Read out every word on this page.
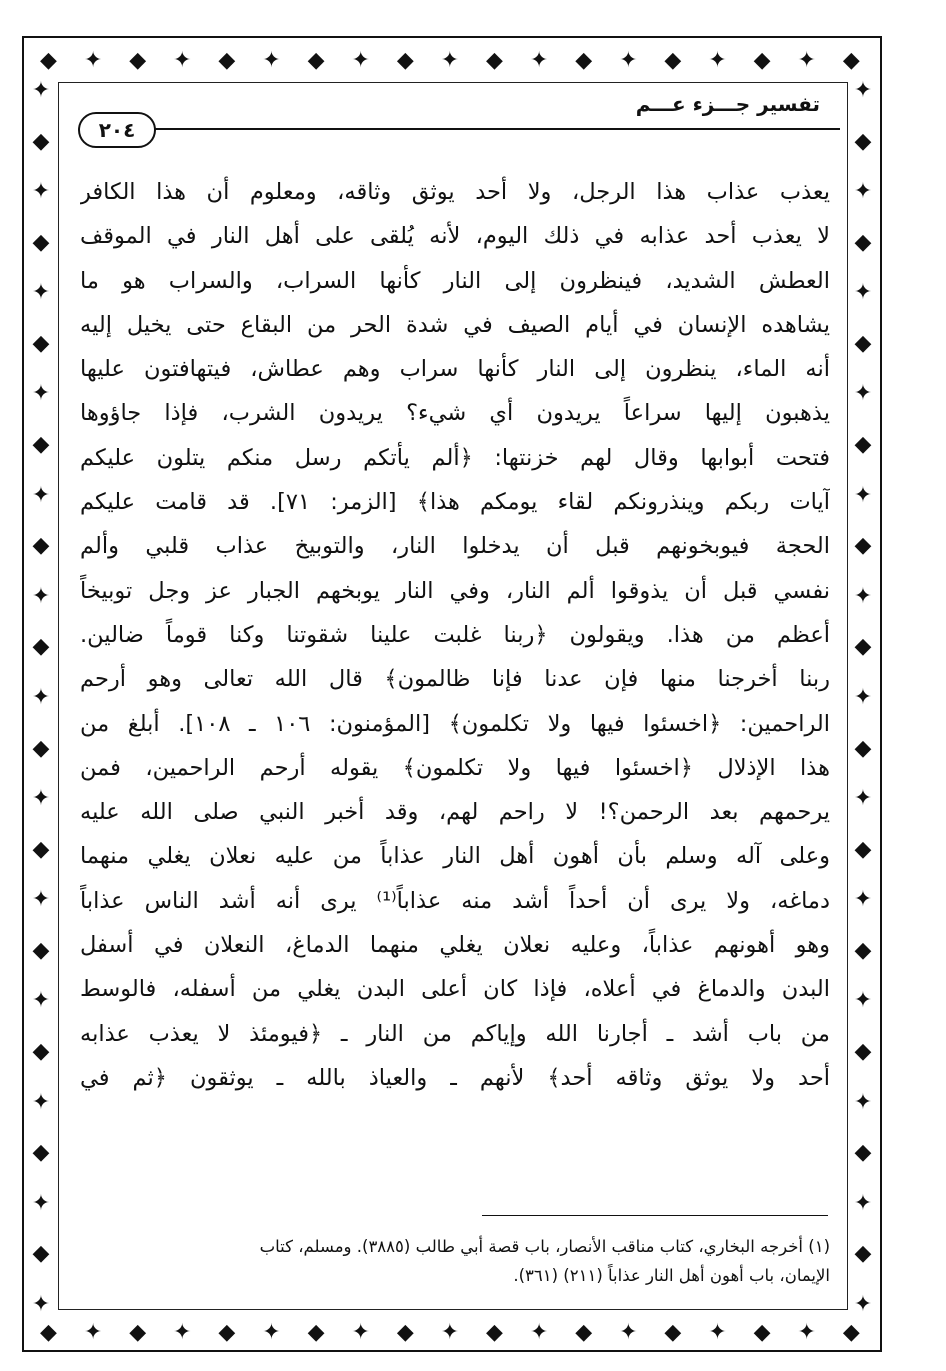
◆ ✦ ◆ ✦ ◆ ✦ ◆ ✦ ◆ ✦ ◆ ✦ ◆ ✦ ◆ ✦ ◆ ✦ ◆
◆ ✦ ◆ ✦ ◆ ✦ ◆ ✦ ◆ ✦ ◆ ✦ ◆ ✦ ◆ ✦ ◆ ✦ ◆
✦
◆
✦
◆
✦
◆
✦
◆
✦
◆
✦
◆
✦
◆
✦
◆
✦
◆
✦
◆
✦
◆
✦
◆
✦
✦
◆
✦
◆
✦
◆
✦
◆
✦
◆
✦
◆
✦
◆
✦
◆
✦
◆
✦
◆
✦
◆
✦
◆
✦
تفسير جـــزء عـــم
٢٠٤
يعذب عذاب هذا الرجل، ولا أحد يوثق وثاقه، ومعلوم أن هذا الكافر
لا يعذب أحد عذابه في ذلك اليوم، لأنه يُلقى على أهل النار في الموقف
العطش الشديد، فينظرون إلى النار كأنها السراب، والسراب هو ما
يشاهده الإنسان في أيام الصيف في شدة الحر من البقاع حتى يخيل إليه
أنه الماء، ينظرون إلى النار كأنها سراب وهم عطاش، فيتهافتون عليها
يذهبون إليها سراعاً يريدون أي شيء؟ يريدون الشرب، فإذا جاؤوها
فتحت أبوابها وقال لهم خزنتها: ﴿ألم يأتكم رسل منكم يتلون عليكم
آيات ربكم وينذرونكم لقاء يومكم هذا﴾ [الزمر: ٧١]. قد قامت عليكم
الحجة فيوبخونهم قبل أن يدخلوا النار، والتوبيخ عذاب قلبي وألم
نفسي قبل أن يذوقوا ألم النار، وفي النار يوبخهم الجبار عز وجل توبيخاً
أعظم من هذا. ويقولون ﴿ربنا غلبت علينا شقوتنا وكنا قوماً ضالين.
ربنا أخرجنا منها فإن عدنا فإنا ظالمون﴾ قال الله تعالى وهو أرحم
الراحمين: ﴿اخسئوا فيها ولا تكلمون﴾ [المؤمنون: ١٠٦ ـ ١٠٨]. أبلغ من
هذا الإذلال ﴿اخسئوا فيها ولا تكلمون﴾ يقوله أرحم الراحمين، فمن
يرحمهم بعد الرحمن؟! لا راحم لهم، وقد أخبر النبي صلى الله عليه
وعلى آله وسلم بأن أهون أهل النار عذاباً من عليه نعلان يغلي منهما
دماغه، ولا يرى أن أحداً أشد منه عذاباً⁽¹⁾ يرى أنه أشد الناس عذاباً
وهو أهونهم عذاباً، وعليه نعلان يغلي منهما الدماغ، النعلان في أسفل
البدن والدماغ في أعلاه، فإذا كان أعلى البدن يغلي من أسفله، فالوسط
من باب أشد ـ أجارنا الله وإياكم من النار ـ ﴿فيومئذ لا يعذب عذابه
أحد ولا يوثق وثاقه أحد﴾ لأنهم ـ والعياذ بالله ـ يوثقون ﴿ثم في
(١) أخرجه البخاري، كتاب مناقب الأنصار، باب قصة أبي طالب (٣٨٨٥). ومسلم، كتاب
الإيمان، باب أهون أهل النار عذاباً (٢١١) (٣٦١).
